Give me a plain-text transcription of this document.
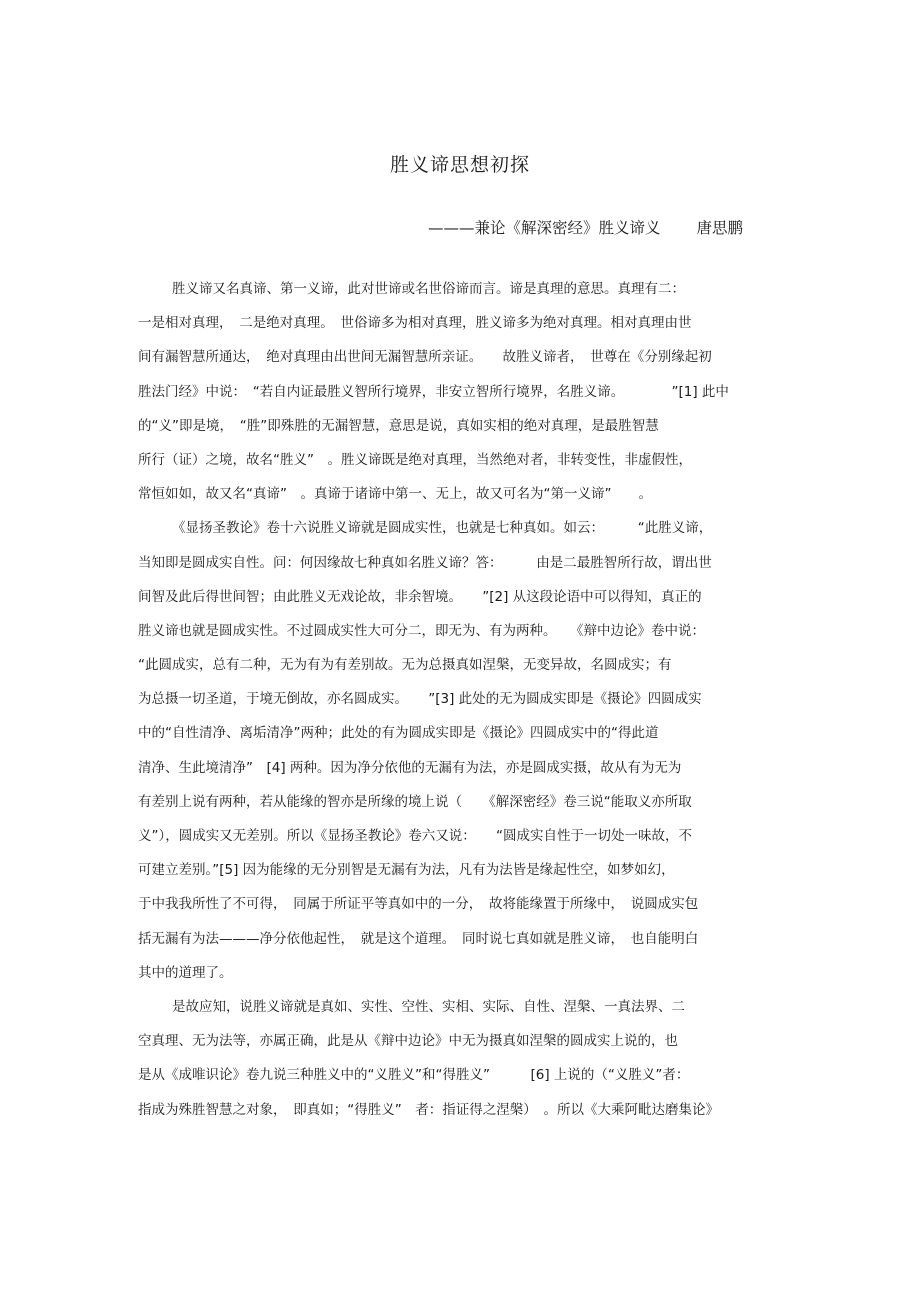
胜义谛思想初探
———兼论《解深密经》胜义谛义 唐思鹏
胜义谛又名真谛、第一义谛，此对世谛或名世俗谛而言。谛是真理的意思。真理有二：
一是相对真理，　二是绝对真理。　世俗谛多为相对真理，胜义谛多为绝对真理。相对真理由世
间有漏智慧所通达，　绝对真理由出世间无漏智慧所亲证。　　故胜义谛者，　世尊在《分别缘起初
胜法门经》中说：　“若自内证最胜义智所行境界，非安立智所行境界，名胜义谛。　　　　”[1] 此中
的“义”即是境，　“胜”即殊胜的无漏智慧，意思是说，真如实相的绝对真理，是最胜智慧
所行（证）之境，故名“胜义”　。胜义谛既是绝对真理，当然绝对者，非转变性，非虚假性，
常恒如如，故又名“真谛”　。真谛于诸谛中第一、无上，故又可名为“第一义谛”　　。
《显扬圣教论》卷十六说胜义谛就是圆成实性，也就是七种真如。如云：　　　“此胜义谛，
当知即是圆成实自性。问：何因缘故七种真如名胜义谛？答：　　　由是二最胜智所行故，谓出世
间智及此后得世间智；由此胜义无戏论故，非余智境。　　”[2] 从这段论语中可以得知，真正的
胜义谛也就是圆成实性。不过圆成实性大可分二，即无为、有为两种。　　《辩中边论》卷中说：
“此圆成实，总有二种，无为有为有差别故。无为总摄真如涅槃，无变异故，名圆成实；有
为总摄一切圣道，于境无倒故，亦名圆成实。　　”[3] 此处的无为圆成实即是《摄论》四圆成实
中的“自性清净、离垢清净”两种；此处的有为圆成实即是《摄论》四圆成实中的“得此道
清净、生此境清净”　[4] 两种。因为净分依他的无漏有为法，亦是圆成实摄，故从有为无为
有差别上说有两种，若从能缘的智亦是所缘的境上说（　　《解深密经》卷三说“能取义亦所取
义”），圆成实又无差别。所以《显扬圣教论》卷六又说：　　“圆成实自性于一切处一味故，不
可建立差别。”[5] 因为能缘的无分别智是无漏有为法，凡有为法皆是缘起性空，如梦如幻，
于中我我所性了不可得，　同属于所证平等真如中的一分，　故将能缘置于所缘中，　说圆成实包
括无漏有为法———净分依他起性，　就是这个道理。　同时说七真如就是胜义谛，　也自能明白
其中的道理了。
是故应知，说胜义谛就是真如、实性、空性、实相、实际、自性、涅槃、一真法界、二
空真理、无为法等，亦属正确，此是从《辩中边论》中无为摄真如涅槃的圆成实上说的，也
是从《成唯识论》卷九说三种胜义中的“义胜义”和“得胜义”　　　[6] 上说的（“义胜义”者：
指成为殊胜智慧之对象，　即真如；“得胜义”　者：指证得之涅槃）　。所以《大乘阿毗达磨集论》
